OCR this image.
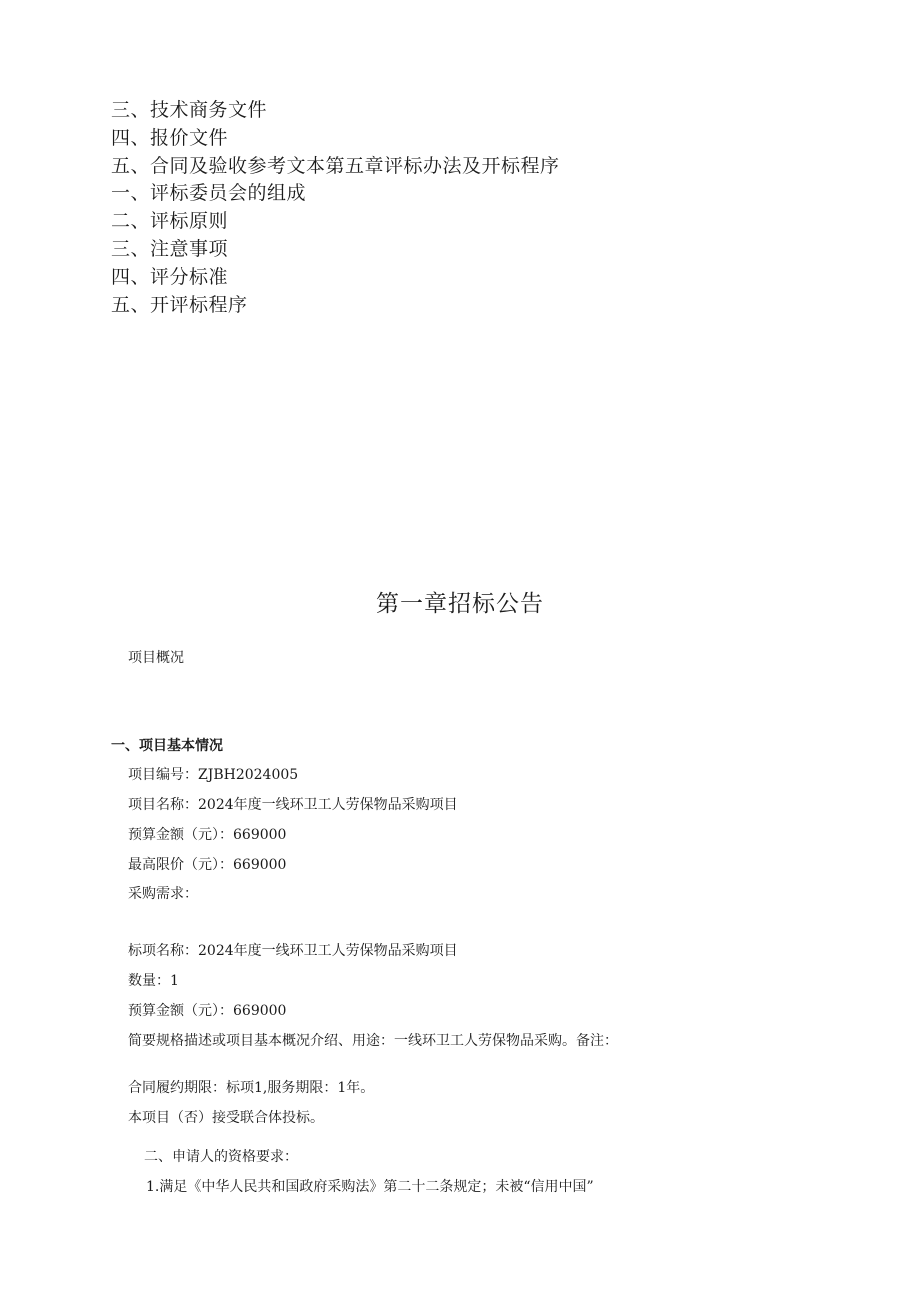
三、技术商务文件
四、报价文件
五、合同及验收参考文本第五章评标办法及开标程序
一、评标委员会的组成
二、评标原则
三、注意事项
四、评分标准
五、开评标程序
第一章招标公告
项目概况
一、项目基本情况
项目编号：ZJBH2024005
项目名称：2024年度一线环卫工人劳保物品采购项目
预算金额（元）：669000
最高限价（元）：669000
采购需求：
标项名称：2024年度一线环卫工人劳保物品采购项目
数量：1
预算金额（元）：669000
简要规格描述或项目基本概况介绍、用途：一线环卫工人劳保物品采购。备注：
合同履约期限：标项1,服务期限：1年。
本项目（否）接受联合体投标。
二、申请人的资格要求：
1.满足《中华人民共和国政府采购法》第二十二条规定；未被“信用中国”
